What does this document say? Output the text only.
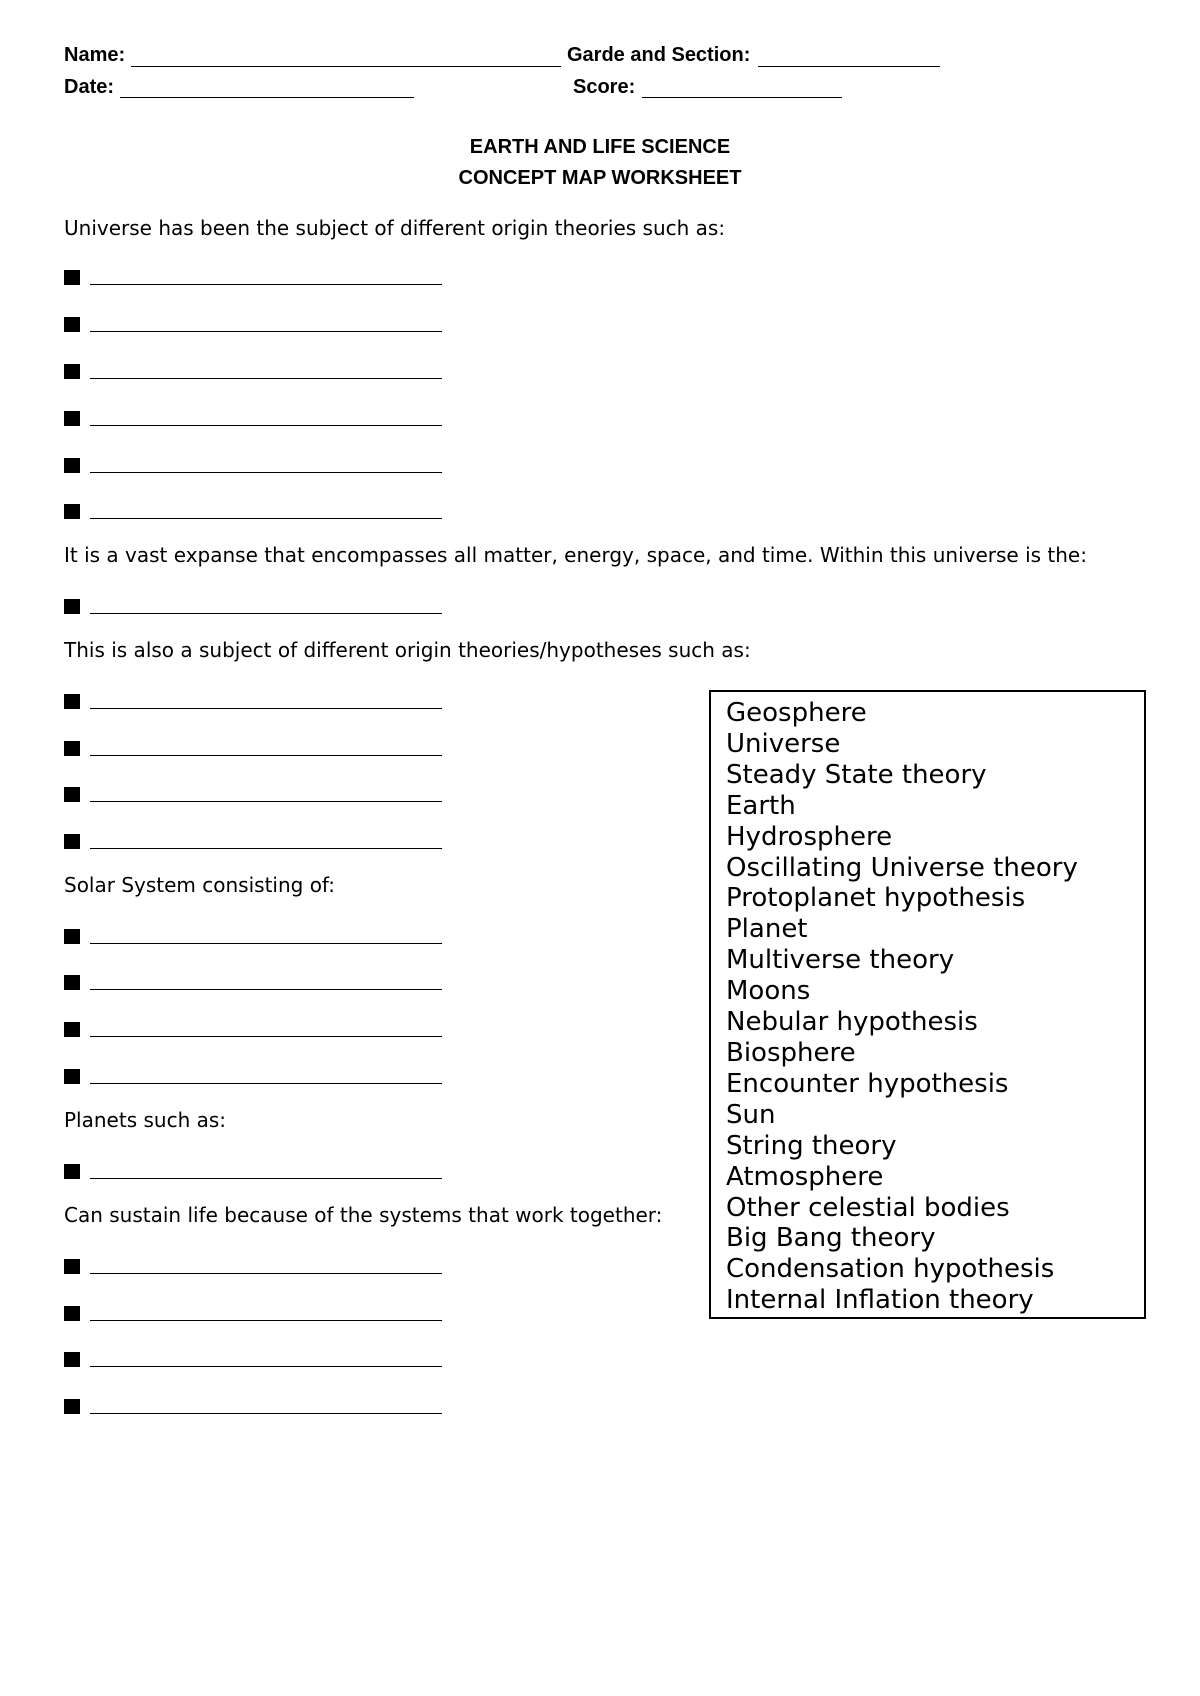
Name:	Garde and Section:
Date:	Score:
EARTH AND LIFE SCIENCE
CONCEPT MAP WORKSHEET
Universe has been the subject of different origin theories such as:
It is a vast expanse that encompasses all matter, energy, space, and time. Within this universe is the:
This is also a subject of different origin theories/hypotheses such as:
Solar System consisting of:
Planets such as:
Can sustain life because of the systems that work together:
Geosphere
Universe
Steady State theory
Earth
Hydrosphere
Oscillating Universe theory
Protoplanet hypothesis
Planet
Multiverse theory
Moons
Nebular hypothesis
Biosphere
Encounter hypothesis
Sun
String theory
Atmosphere
Other celestial bodies
Big Bang theory
Condensation hypothesis
Internal Inflation theory
